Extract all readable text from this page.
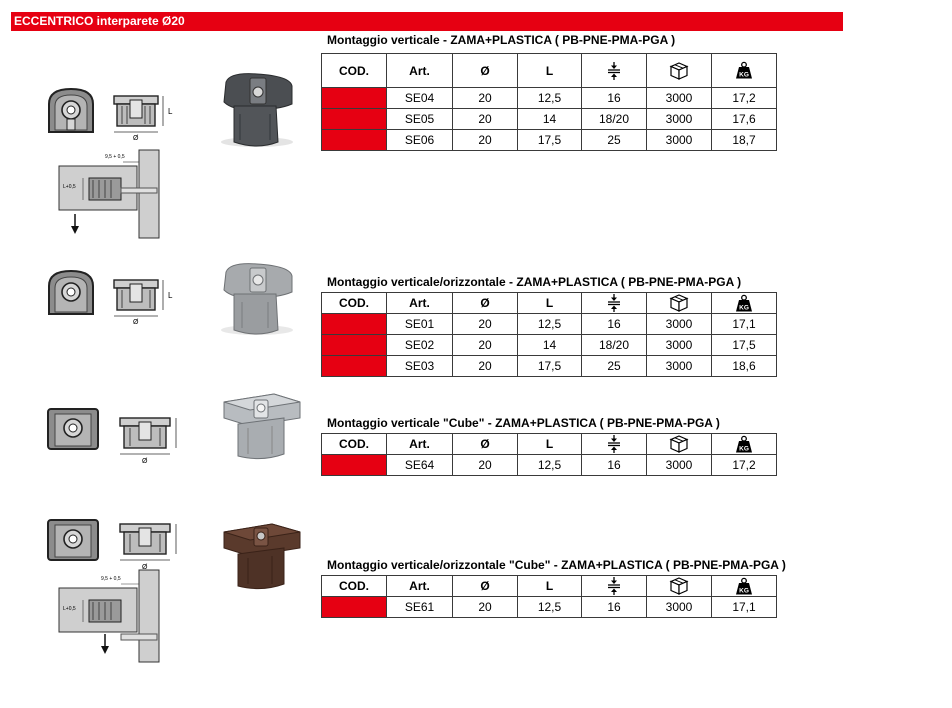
ECCENTRICO interparete Ø20
Montaggio verticale - ZAMA+PLASTICA ( PB-PNE-PMA-PGA )
COD.	Art.	Ø	L			KG

	SE04	20	12,5	16	3000	17,2
	SE05	20	14	18/20	3000	17,6
	SE06	20	17,5	25	3000	18,7
Montaggio verticale/orizzontale - ZAMA+PLASTICA ( PB-PNE-PMA-PGA )
COD.	Art.	Ø	L			KG

	SE01	20	12,5	16	3000	17,1
	SE02	20	14	18/20	3000	17,5
	SE03	20	17,5	25	3000	18,6
Montaggio verticale "Cube" - ZAMA+PLASTICA ( PB-PNE-PMA-PGA )
COD.	Art.	Ø	L			KG

	SE64	20	12,5	16	3000	17,2
Montaggio verticale/orizzontale "Cube" - ZAMA+PLASTICA ( PB-PNE-PMA-PGA )
COD.	Art.	Ø	L			KG

	SE61	20	12,5	16	3000	17,1
L
Ø
9,5 + 0,5
L+0,5
L
Ø
Ø
Ø
9,5 + 0,5
L+0,5
